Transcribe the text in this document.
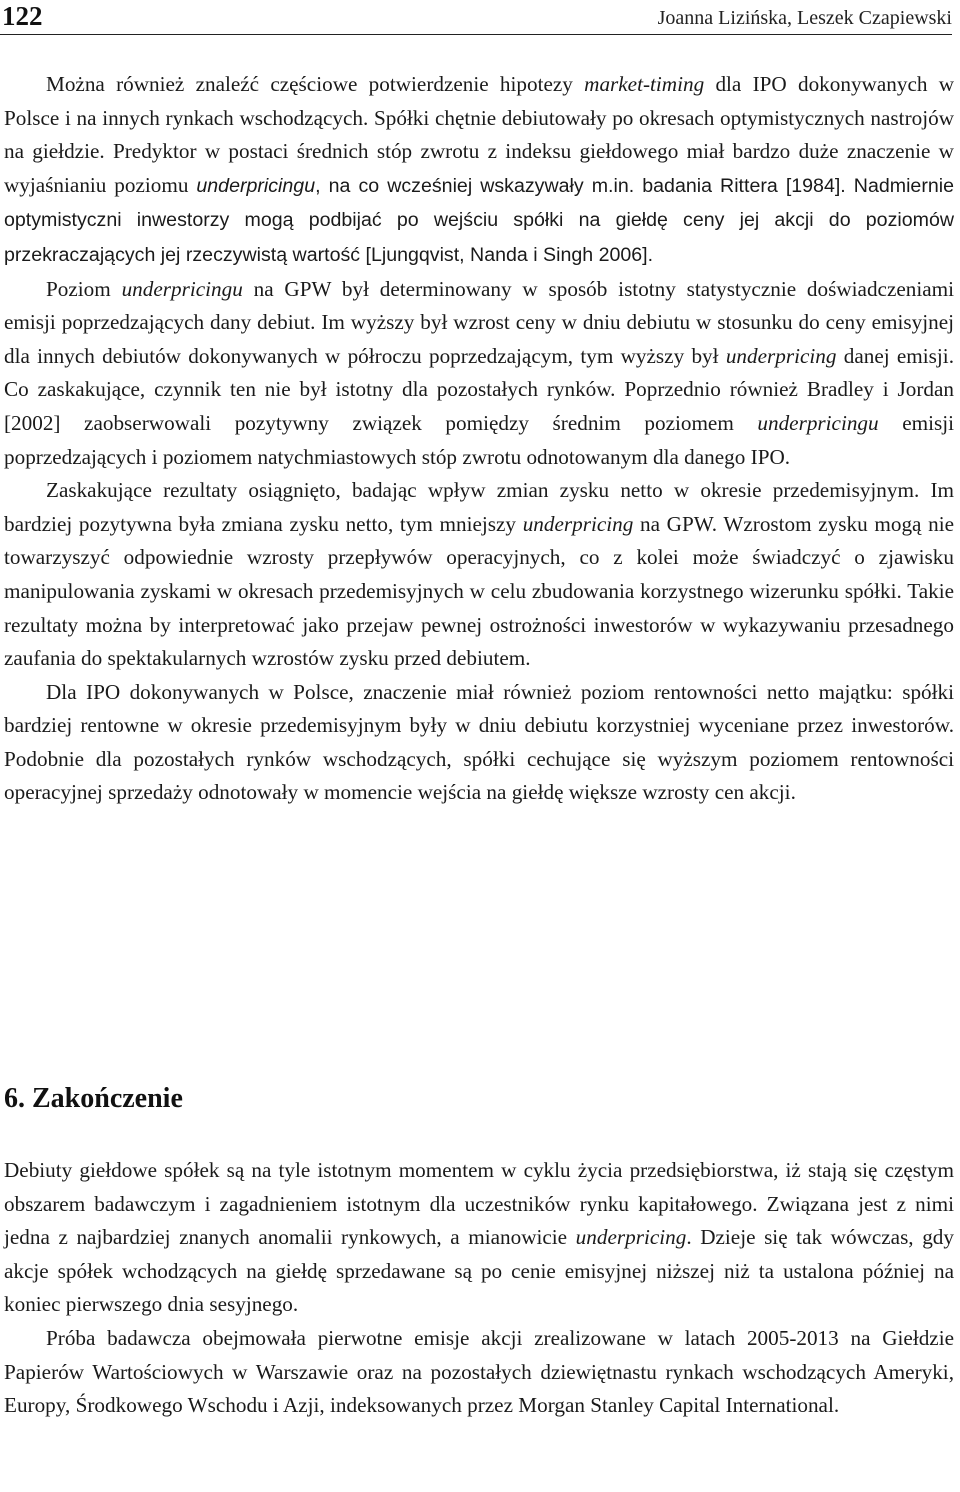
122	Joanna Lizińska, Leszek Czapiewski

Można również znaleźć częściowe potwierdzenie hipotezy market-timing dla IPO dokonywanych w Polsce i na innych rynkach wschodzących. Spółki chętnie debiutowały po okresach optymistycznych nastrojów na giełdzie. Predyktor w postaci średnich stóp zwrotu z indeksu giełdowego miał bardzo duże znaczenie w wyjaśnianiu poziomu underpricingu, na co wcześniej wskazywały m.in. badania Rittera [1984]. Nadmiernie optymistyczni inwestorzy mogą podbijać po wejściu spółki na giełdę ceny jej akcji do poziomów przekraczających jej rzeczywistą wartość [Ljungqvist, Nanda i Singh 2006].

Poziom underpricingu na GPW był determinowany w sposób istotny statystycznie doświadczeniami emisji poprzedzających dany debiut. Im wyższy był wzrost ceny w dniu debiutu w stosunku do ceny emisyjnej dla innych debiutów dokonywanych w półroczu poprzedzającym, tym wyższy był underpricing danej emisji. Co zaskakujące, czynnik ten nie był istotny dla pozostałych rynków. Poprzednio również Bradley i Jordan [2002] zaobserwowali pozytywny związek pomiędzy średnim poziomem underpricingu emisji poprzedzających i poziomem natychmiastowych stóp zwrotu odnotowanym dla danego IPO.

Zaskakujące rezultaty osiągnięto, badając wpływ zmian zysku netto w okresie przedemisyjnym. Im bardziej pozytywna była zmiana zysku netto, tym mniejszy underpricing na GPW. Wzrostom zysku mogą nie towarzyszyć odpowiednie wzrosty przepływów operacyjnych, co z kolei może świadczyć o zjawisku manipulowania zyskami w okresach przedemisyjnych w celu zbudowania korzystnego wizerunku spółki. Takie rezultaty można by interpretować jako przejaw pewnej ostrożności inwestorów w wykazywaniu przesadnego zaufania do spektakularnych wzrostów zysku przed debiutem.

Dla IPO dokonywanych w Polsce, znaczenie miał również poziom rentowności netto majątku: spółki bardziej rentowne w okresie przedemisyjnym były w dniu debiutu korzystniej wyceniane przez inwestorów. Podobnie dla pozostałych rynków wschodzących, spółki cechujące się wyższym poziomem rentowności operacyjnej sprzedaży odnotowały w momencie wejścia na giełdę większe wzrosty cen akcji.

6. Zakończenie

Debiuty giełdowe spółek są na tyle istotnym momentem w cyklu życia przedsiębiorstwa, iż stają się częstym obszarem badawczym i zagadnieniem istotnym dla uczestników rynku kapitałowego. Związana jest z nimi jedna z najbardziej znanych anomalii rynkowych, a mianowicie underpricing. Dzieje się tak wówczas, gdy akcje spółek wchodzących na giełdę sprzedawane są po cenie emisyjnej niższej niż ta ustalona później na koniec pierwszego dnia sesyjnego.

Próba badawcza obejmowała pierwotne emisje akcji zrealizowane w latach 2005-2013 na Giełdzie Papierów Wartościowych w Warszawie oraz na pozostałych dziewiętnastu rynkach wschodzących Ameryki, Europy, Środkowego Wschodu i Azji, indeksowanych przez Morgan Stanley Capital International.
